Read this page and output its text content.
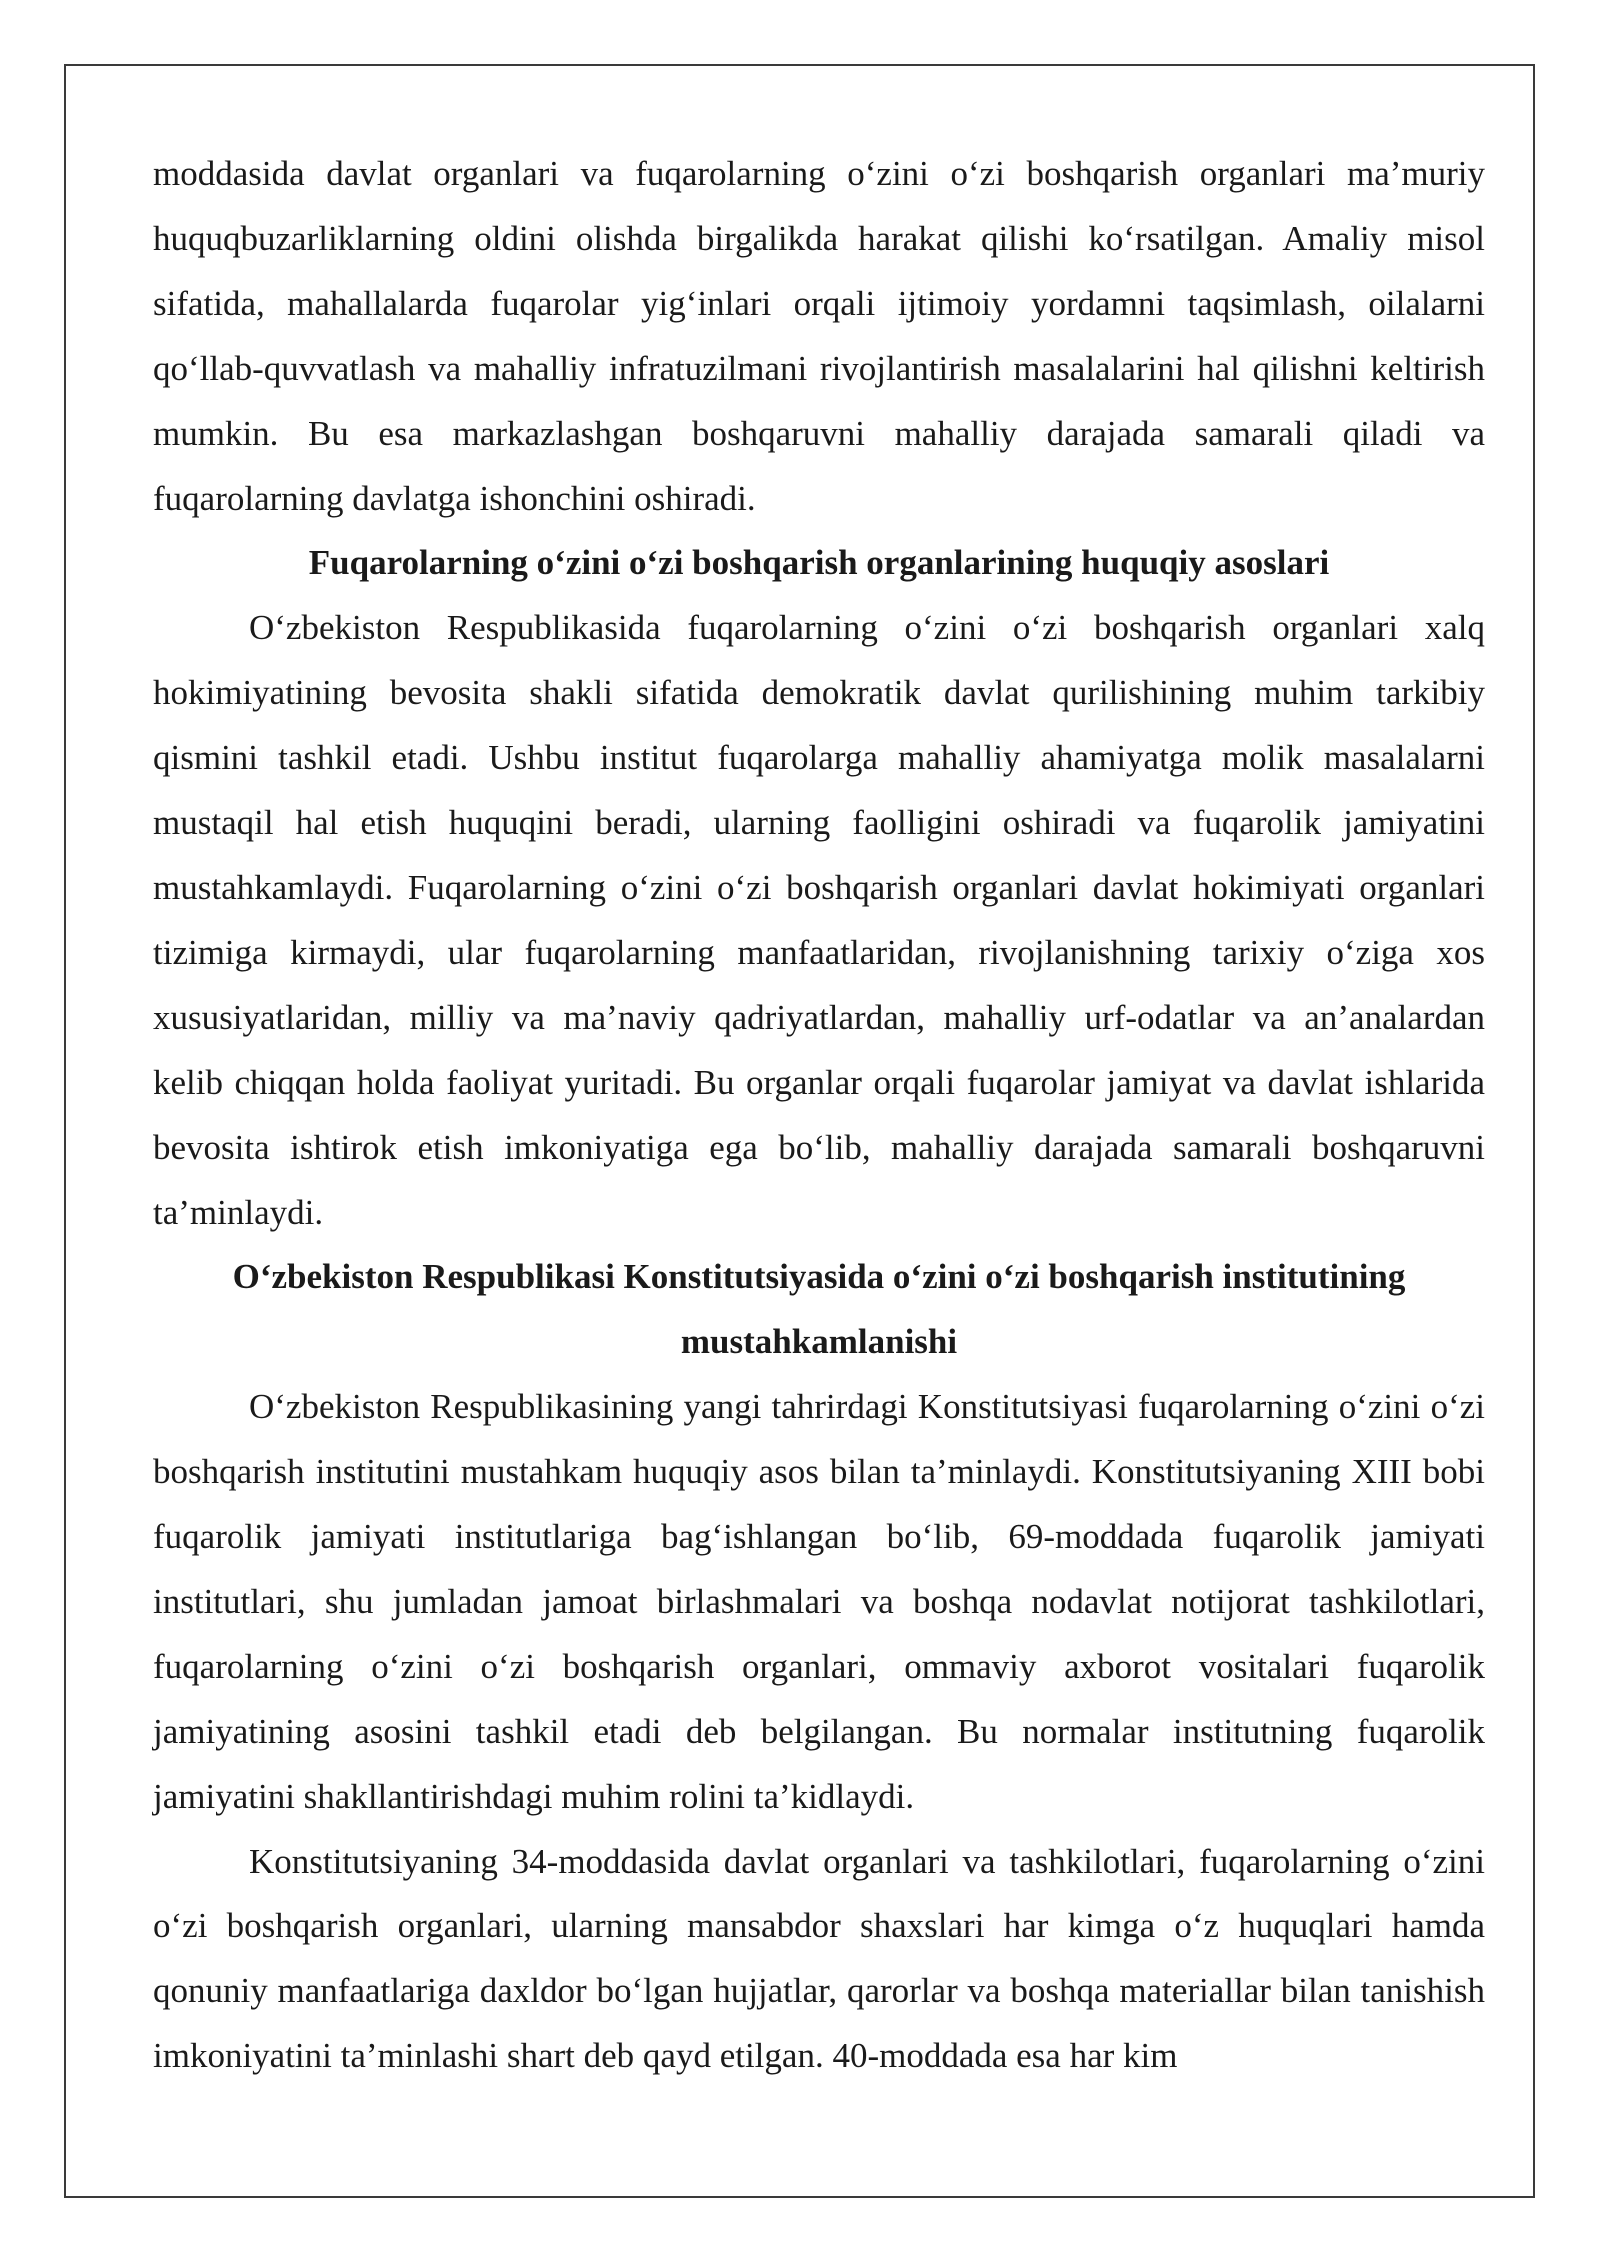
moddasida davlat organlari va fuqarolarning o‘zini o‘zi boshqarish organlari ma’muriy huquqbuzarliklarning oldini olishda birgalikda harakat qilishi ko‘rsatilgan. Amaliy misol sifatida, mahallalarda fuqarolar yig‘inlari orqali ijtimoiy yordamni taqsimlash, oilalarni qo‘llab-quvvatlash va mahalliy infratuzilmani rivojlantirish masalalarini hal qilishni keltirish mumkin. Bu esa markazlashgan boshqaruvni mahalliy darajada samarali qiladi va fuqarolarning davlatga ishonchini oshiradi.

Fuqarolarning o‘zini o‘zi boshqarish organlarining huquqiy asoslari

O‘zbekiston Respublikasida fuqarolarning o‘zini o‘zi boshqarish organlari xalq hokimiyatining bevosita shakli sifatida demokratik davlat qurilishining muhim tarkibiy qismini tashkil etadi. Ushbu institut fuqarolarga mahalliy ahamiyatga molik masalalarni mustaqil hal etish huquqini beradi, ularning faolligini oshiradi va fuqarolik jamiyatini mustahkamlaydi. Fuqarolarning o‘zini o‘zi boshqarish organlari davlat hokimiyati organlari tizimiga kirmaydi, ular fuqarolarning manfaatlaridan, rivojlanishning tarixiy o‘ziga xos xususiyatlaridan, milliy va ma’naviy qadriyatlardan, mahalliy urf-odatlar va an’analardan kelib chiqqan holda faoliyat yuritadi. Bu organlar orqali fuqarolar jamiyat va davlat ishlarida bevosita ishtirok etish imkoniyatiga ega bo‘lib, mahalliy darajada samarali boshqaruvni ta’minlaydi.

O‘zbekiston Respublikasi Konstitutsiyasida o‘zini o‘zi boshqarish institutining mustahkamlanishi

O‘zbekiston Respublikasining yangi tahrirdagi Konstitutsiyasi fuqarolarning o‘zini o‘zi boshqarish institutini mustahkam huquqiy asos bilan ta’minlaydi. Konstitutsiyaning XIII bobi fuqarolik jamiyati institutlariga bag‘ishlangan bo‘lib, 69-moddada fuqarolik jamiyati institutlari, shu jumladan jamoat birlashmalari va boshqa nodavlat notijorat tashkilotlari, fuqarolarning o‘zini o‘zi boshqarish organlari, ommaviy axborot vositalari fuqarolik jamiyatining asosini tashkil etadi deb belgilangan. Bu normalar institutning fuqarolik jamiyatini shakllantirishdagi muhim rolini ta’kidlaydi.

Konstitutsiyaning 34-moddasida davlat organlari va tashkilotlari, fuqarolarning o‘zini o‘zi boshqarish organlari, ularning mansabdor shaxslari har kimga o‘z huquqlari hamda qonuniy manfaatlariga daxldor bo‘lgan hujjatlar, qarorlar va boshqa materiallar bilan tanishish imkoniyatini ta’minlashi shart deb qayd etilgan. 40-moddada esa har kim
